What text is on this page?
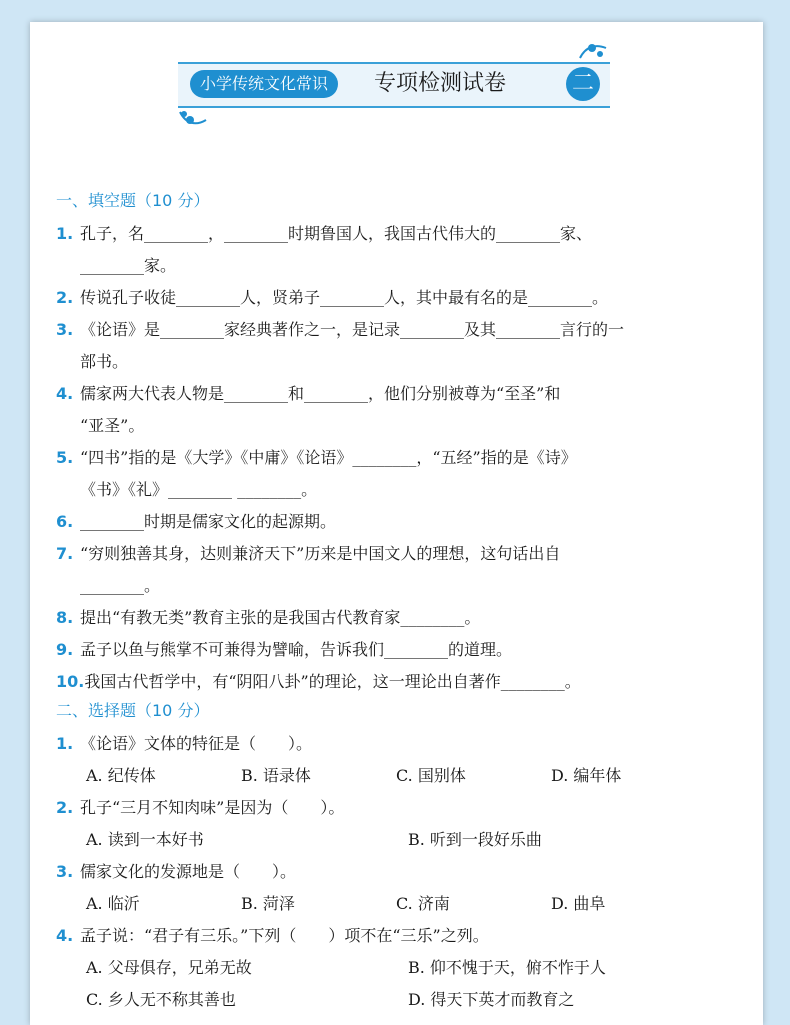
小学传统文化常识	专项检测试卷	二
一、填空题（10 分）
1. 孔子，名________，________时期鲁国人，我国古代伟大的________家、
________家。
2. 传说孔子收徒________人，贤弟子________人，其中最有名的是________。
3. 《论语》是________家经典著作之一，是记录________及其________言行的一
部书。
4. 儒家两大代表人物是________和________，他们分别被尊为“至圣”和
“亚圣”。
5. “四书”指的是《大学》《中庸》《论语》________，“五经”指的是《诗》
《书》《礼》________ ________。
6. ________时期是儒家文化的起源期。
7. “穷则独善其身，达则兼济天下”历来是中国文人的理想，这句话出自
________。
8. 提出“有教无类”教育主张的是我国古代教育家________。
9. 孟子以鱼与熊掌不可兼得为譬喻，告诉我们________的道理。
10. 我国古代哲学中，有“阴阳八卦”的理论，这一理论出自著作________。
二、选择题（10 分）
1. 《论语》文体的特征是（　　）。
A. 纪传体	B. 语录体	C. 国别体	D. 编年体
2. 孔子“三月不知肉味”是因为（　　）。
A. 读到一本好书	B. 听到一段好乐曲
3. 儒家文化的发源地是（　　）。
A. 临沂	B. 菏泽	C. 济南	D. 曲阜
4. 孟子说：“君子有三乐。”下列（　　）项不在“三乐”之列。
A. 父母俱存，兄弟无故	B. 仰不愧于天，俯不怍于人
C. 乡人无不称其善也	D. 得天下英才而教育之
